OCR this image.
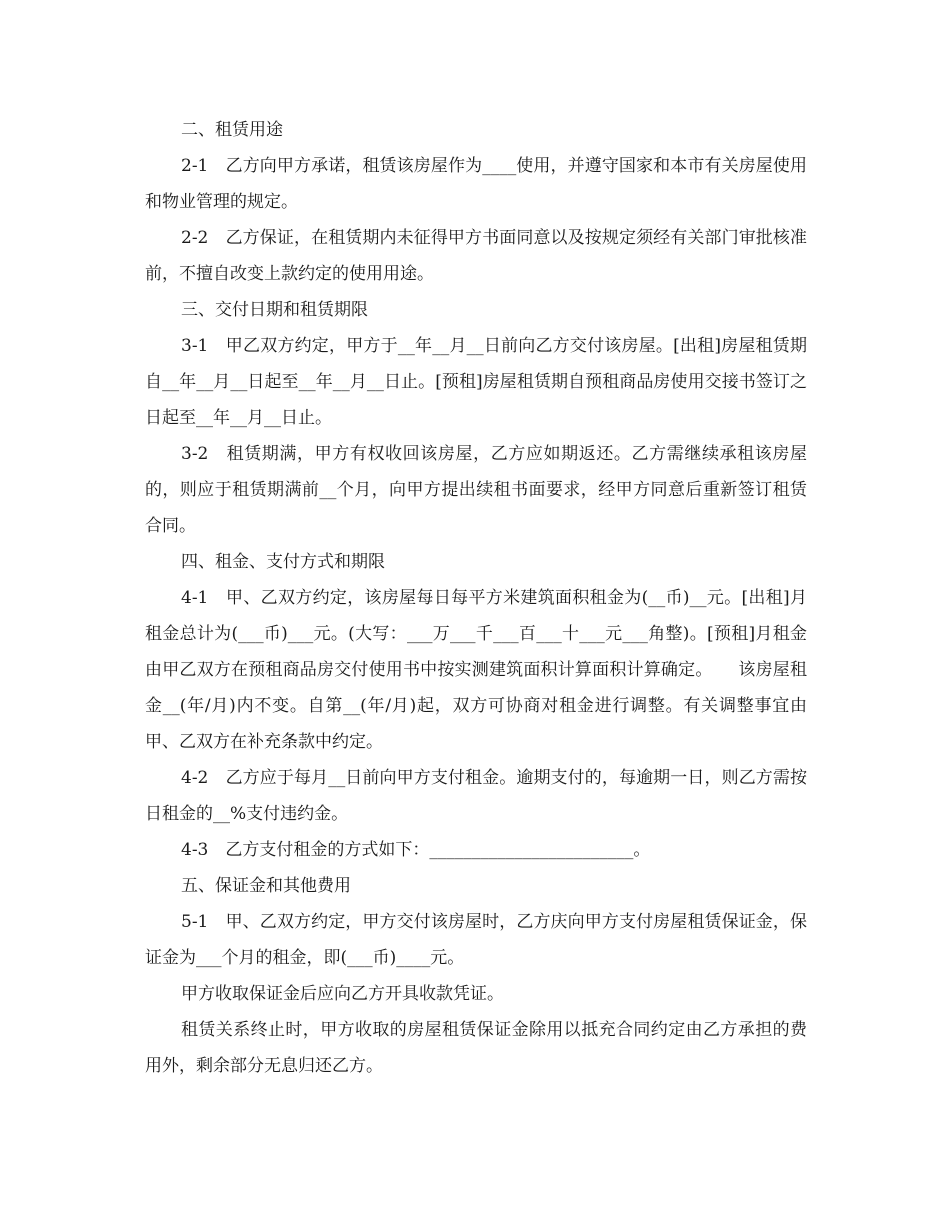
二、租赁用途

2-1　乙方向甲方承诺，租赁该房屋作为____使用，并遵守国家和本市有关房屋使用和物业管理的规定。

2-2　乙方保证，在租赁期内未征得甲方书面同意以及按规定须经有关部门审批核准前，不擅自改变上款约定的使用用途。

三、交付日期和租赁期限

3-1　甲乙双方约定，甲方于__年__月__日前向乙方交付该房屋。[出租]房屋租赁期自__年__月__日起至__年__月__日止。[预租]房屋租赁期自预租商品房使用交接书签订之日起至__年__月__日止。

3-2　租赁期满，甲方有权收回该房屋，乙方应如期返还。乙方需继续承租该房屋的，则应于租赁期满前__个月，向甲方提出续租书面要求，经甲方同意后重新签订租赁合同。

四、租金、支付方式和期限

4-1　甲、乙双方约定，该房屋每日每平方米建筑面积租金为(__币)__元。[出租]月租金总计为(___币)___元。(大写：___万___千___百___十___元___角整)。[预租]月租金由甲乙双方在预租商品房交付使用书中按实测建筑面积计算面积计算确定。　　该房屋租金__(年/月)内不变。自第__(年/月)起，双方可协商对租金进行调整。有关调整事宜由甲、乙双方在补充条款中约定。

4-2　乙方应于每月__日前向甲方支付租金。逾期支付的，每逾期一日，则乙方需按日租金的__%支付违约金。

4-3　乙方支付租金的方式如下：________________________。

五、保证金和其他费用

5-1　甲、乙双方约定，甲方交付该房屋时，乙方庆向甲方支付房屋租赁保证金，保证金为___个月的租金，即(___币)____元。

甲方收取保证金后应向乙方开具收款凭证。

租赁关系终止时，甲方收取的房屋租赁保证金除用以抵充合同约定由乙方承担的费用外，剩余部分无息归还乙方。
